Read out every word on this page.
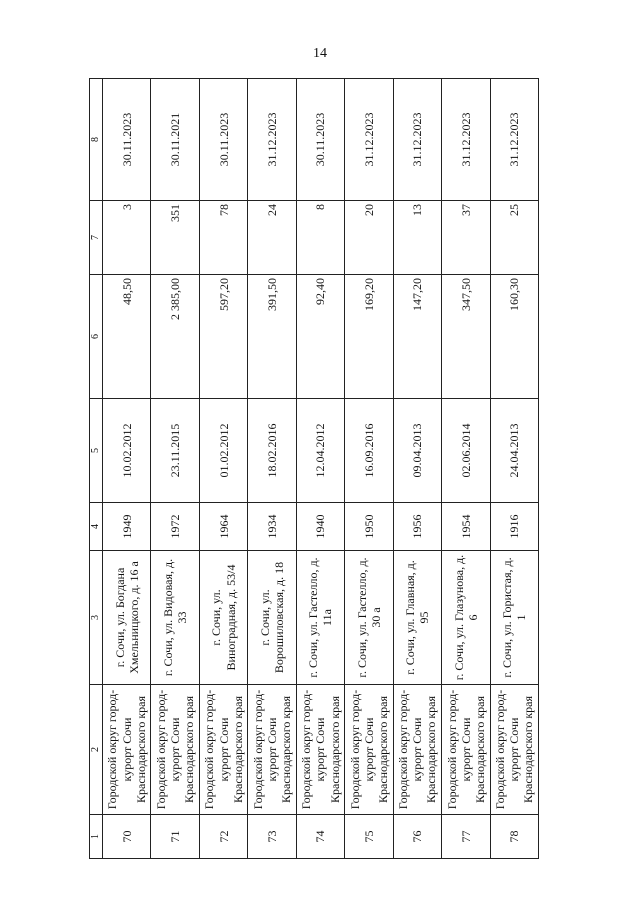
14
1	2	3	4	5	6	7	8
70	Городской округ город-курорт Сочи Краснодарского края	г. Сочи, ул. Богдана Хмельницкого, д. 16 а	1949	10.02.2012	48,50	3	30.11.2023
71	Городской округ город-курорт Сочи Краснодарского края	г. Сочи, ул. Видовая, д. 33	1972	23.11.2015	2 385,00	351	30.11.2021
72	Городской округ город-курорт Сочи Краснодарского края	г. Сочи, ул. Виноградная, д. 53/4	1964	01.02.2012	597,20	78	30.11.2023
73	Городской округ город-курорт Сочи Краснодарского края	г. Сочи, ул. Ворошиловская, д. 18	1934	18.02.2016	391,50	24	31.12.2023
74	Городской округ город-курорт Сочи Краснодарского края	г. Сочи, ул. Гастелло, д. 11а	1940	12.04.2012	92,40	8	30.11.2023
75	Городской округ город-курорт Сочи Краснодарского края	г. Сочи, ул. Гастелло, д. 30 а	1950	16.09.2016	169,20	20	31.12.2023
76	Городской округ город-курорт Сочи Краснодарского края	г. Сочи, ул. Главная, д. 95	1956	09.04.2013	147,20	13	31.12.2023
77	Городской округ город-курорт Сочи Краснодарского края	г. Сочи, ул. Глазунова, д. 6	1954	02.06.2014	347,50	37	31.12.2023
78	Городской округ город-курорт Сочи Краснодарского края	г. Сочи, ул. Гористая, д. 1	1916	24.04.2013	160,30	25	31.12.2023
